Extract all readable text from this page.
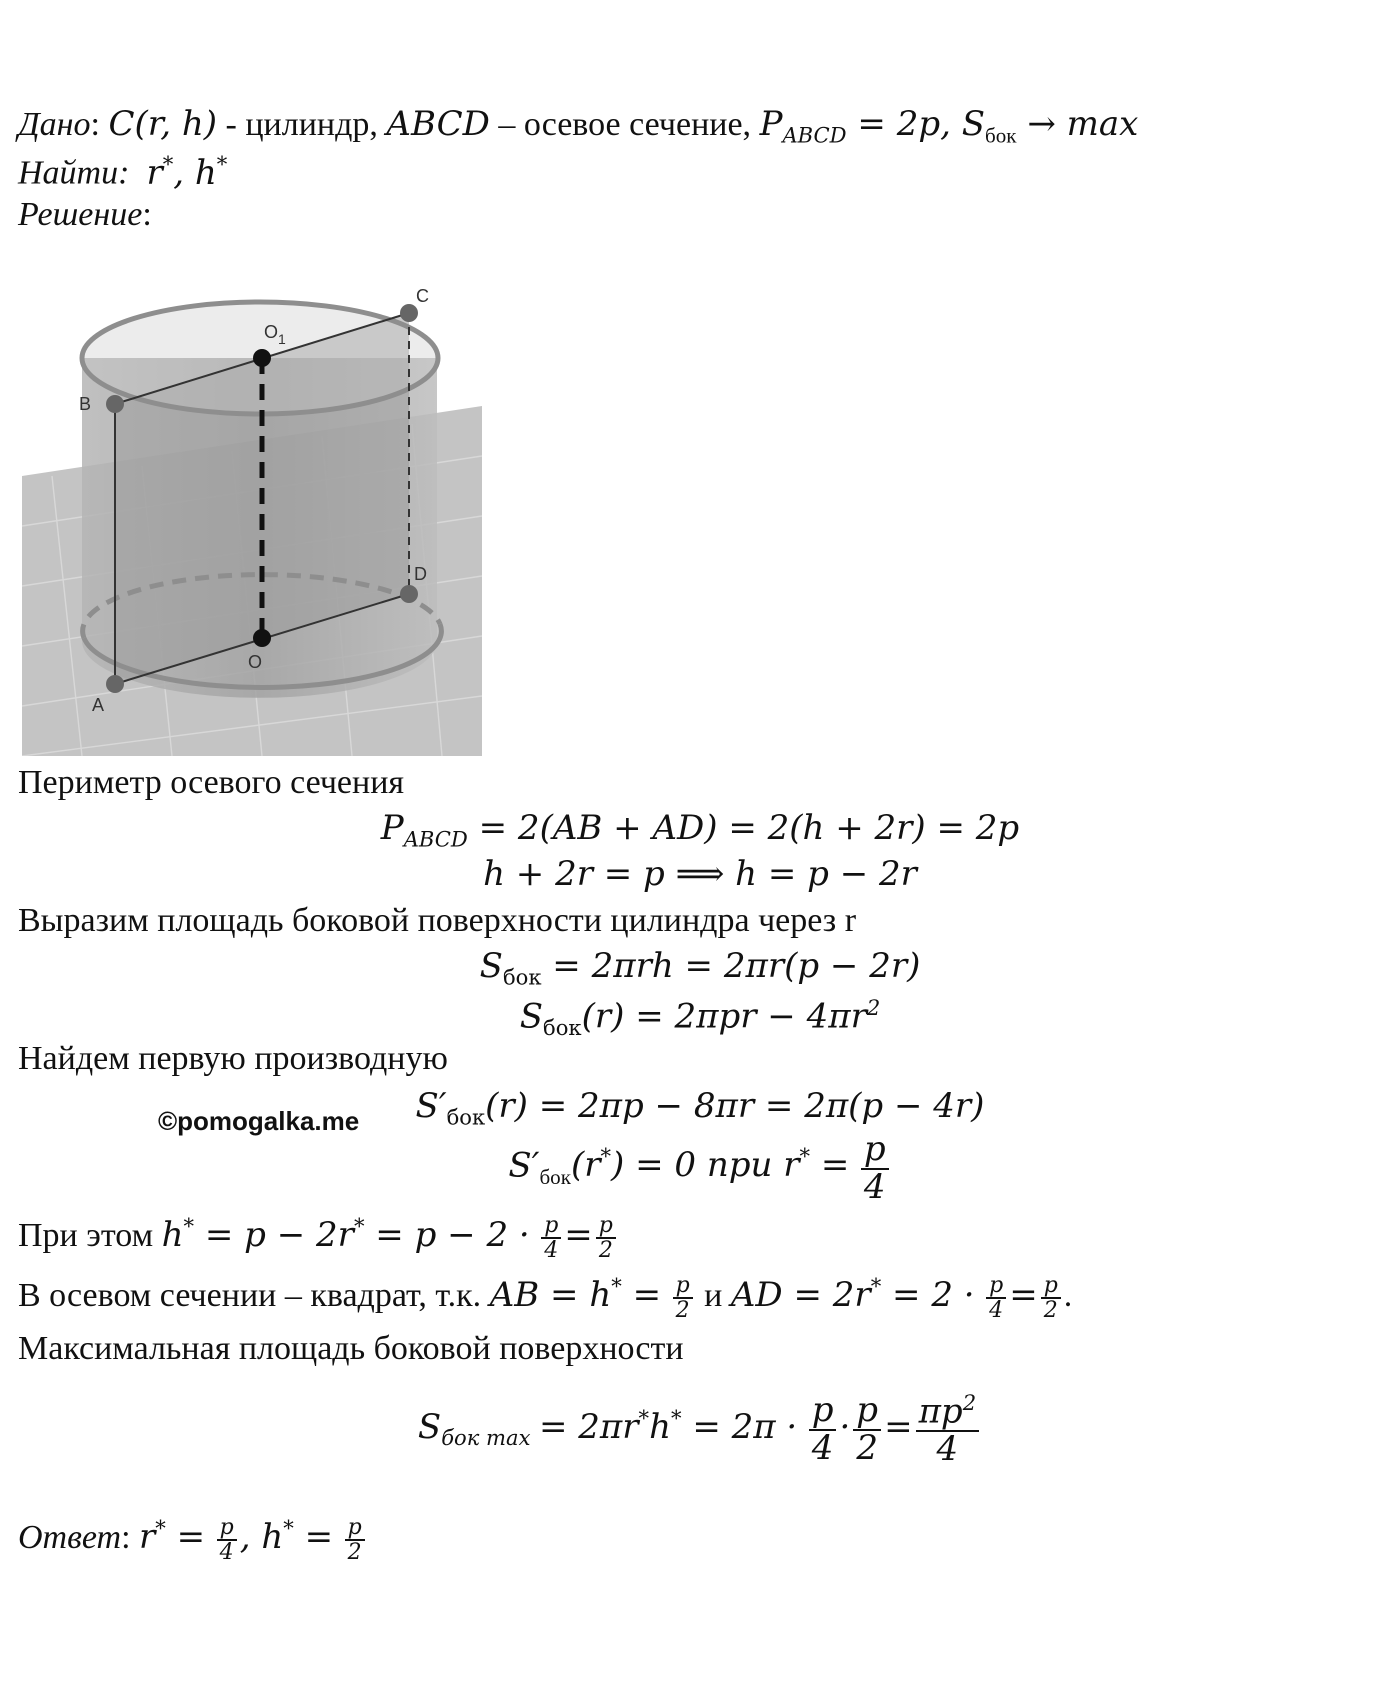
Дано: C(r, h) - цилиндр, ABCD – осевое сечение, $P_{ABCD} = 2p$, $S_{бок} \to \max$
Найти: r*, h*
Решение:
C
$O_1$
B
D
O
A
Периметр осевого сечения
$P_{ABCD} = 2(AB + AD) = 2(h + 2r) = 2p$
h + 2r = p ⟹ h = p − 2r
Выразим площадь боковой поверхности цилиндра через r
$S_{бок} = 2\pi rh = 2\pi r(p - 2r)$
$S_{бок}(r) = 2\pi pr - 4\pi r^2$
Найдем первую производную
©pomogalka.me	$S'_{бок}(r) = 2\pi p - 8\pi r = 2\pi(p - 4r)$
$S'_{бок}(r^*) = 0$ при $r^* = \frac{p}{4}$
При этом $h^* = p - 2r^* = p - 2 \cdot \frac{p}{4} = \frac{p}{2}$
В осевом сечении – квадрат, т.к. AB = $h^* = \frac{p}{2}$ и AD = $2r^* = 2 \cdot \frac{p}{4} = \frac{p}{2}$ .
Максимальная площадь боковой поверхности
$S_{бок max} = 2\pi r^*h^* = 2\pi \cdot \frac{p}{4} \cdot \frac{p}{2} = \frac{\pi p^2}{4}$
Ответ: $r^* = \frac{p}{4}$ , $h^* = \frac{p}{2}$
